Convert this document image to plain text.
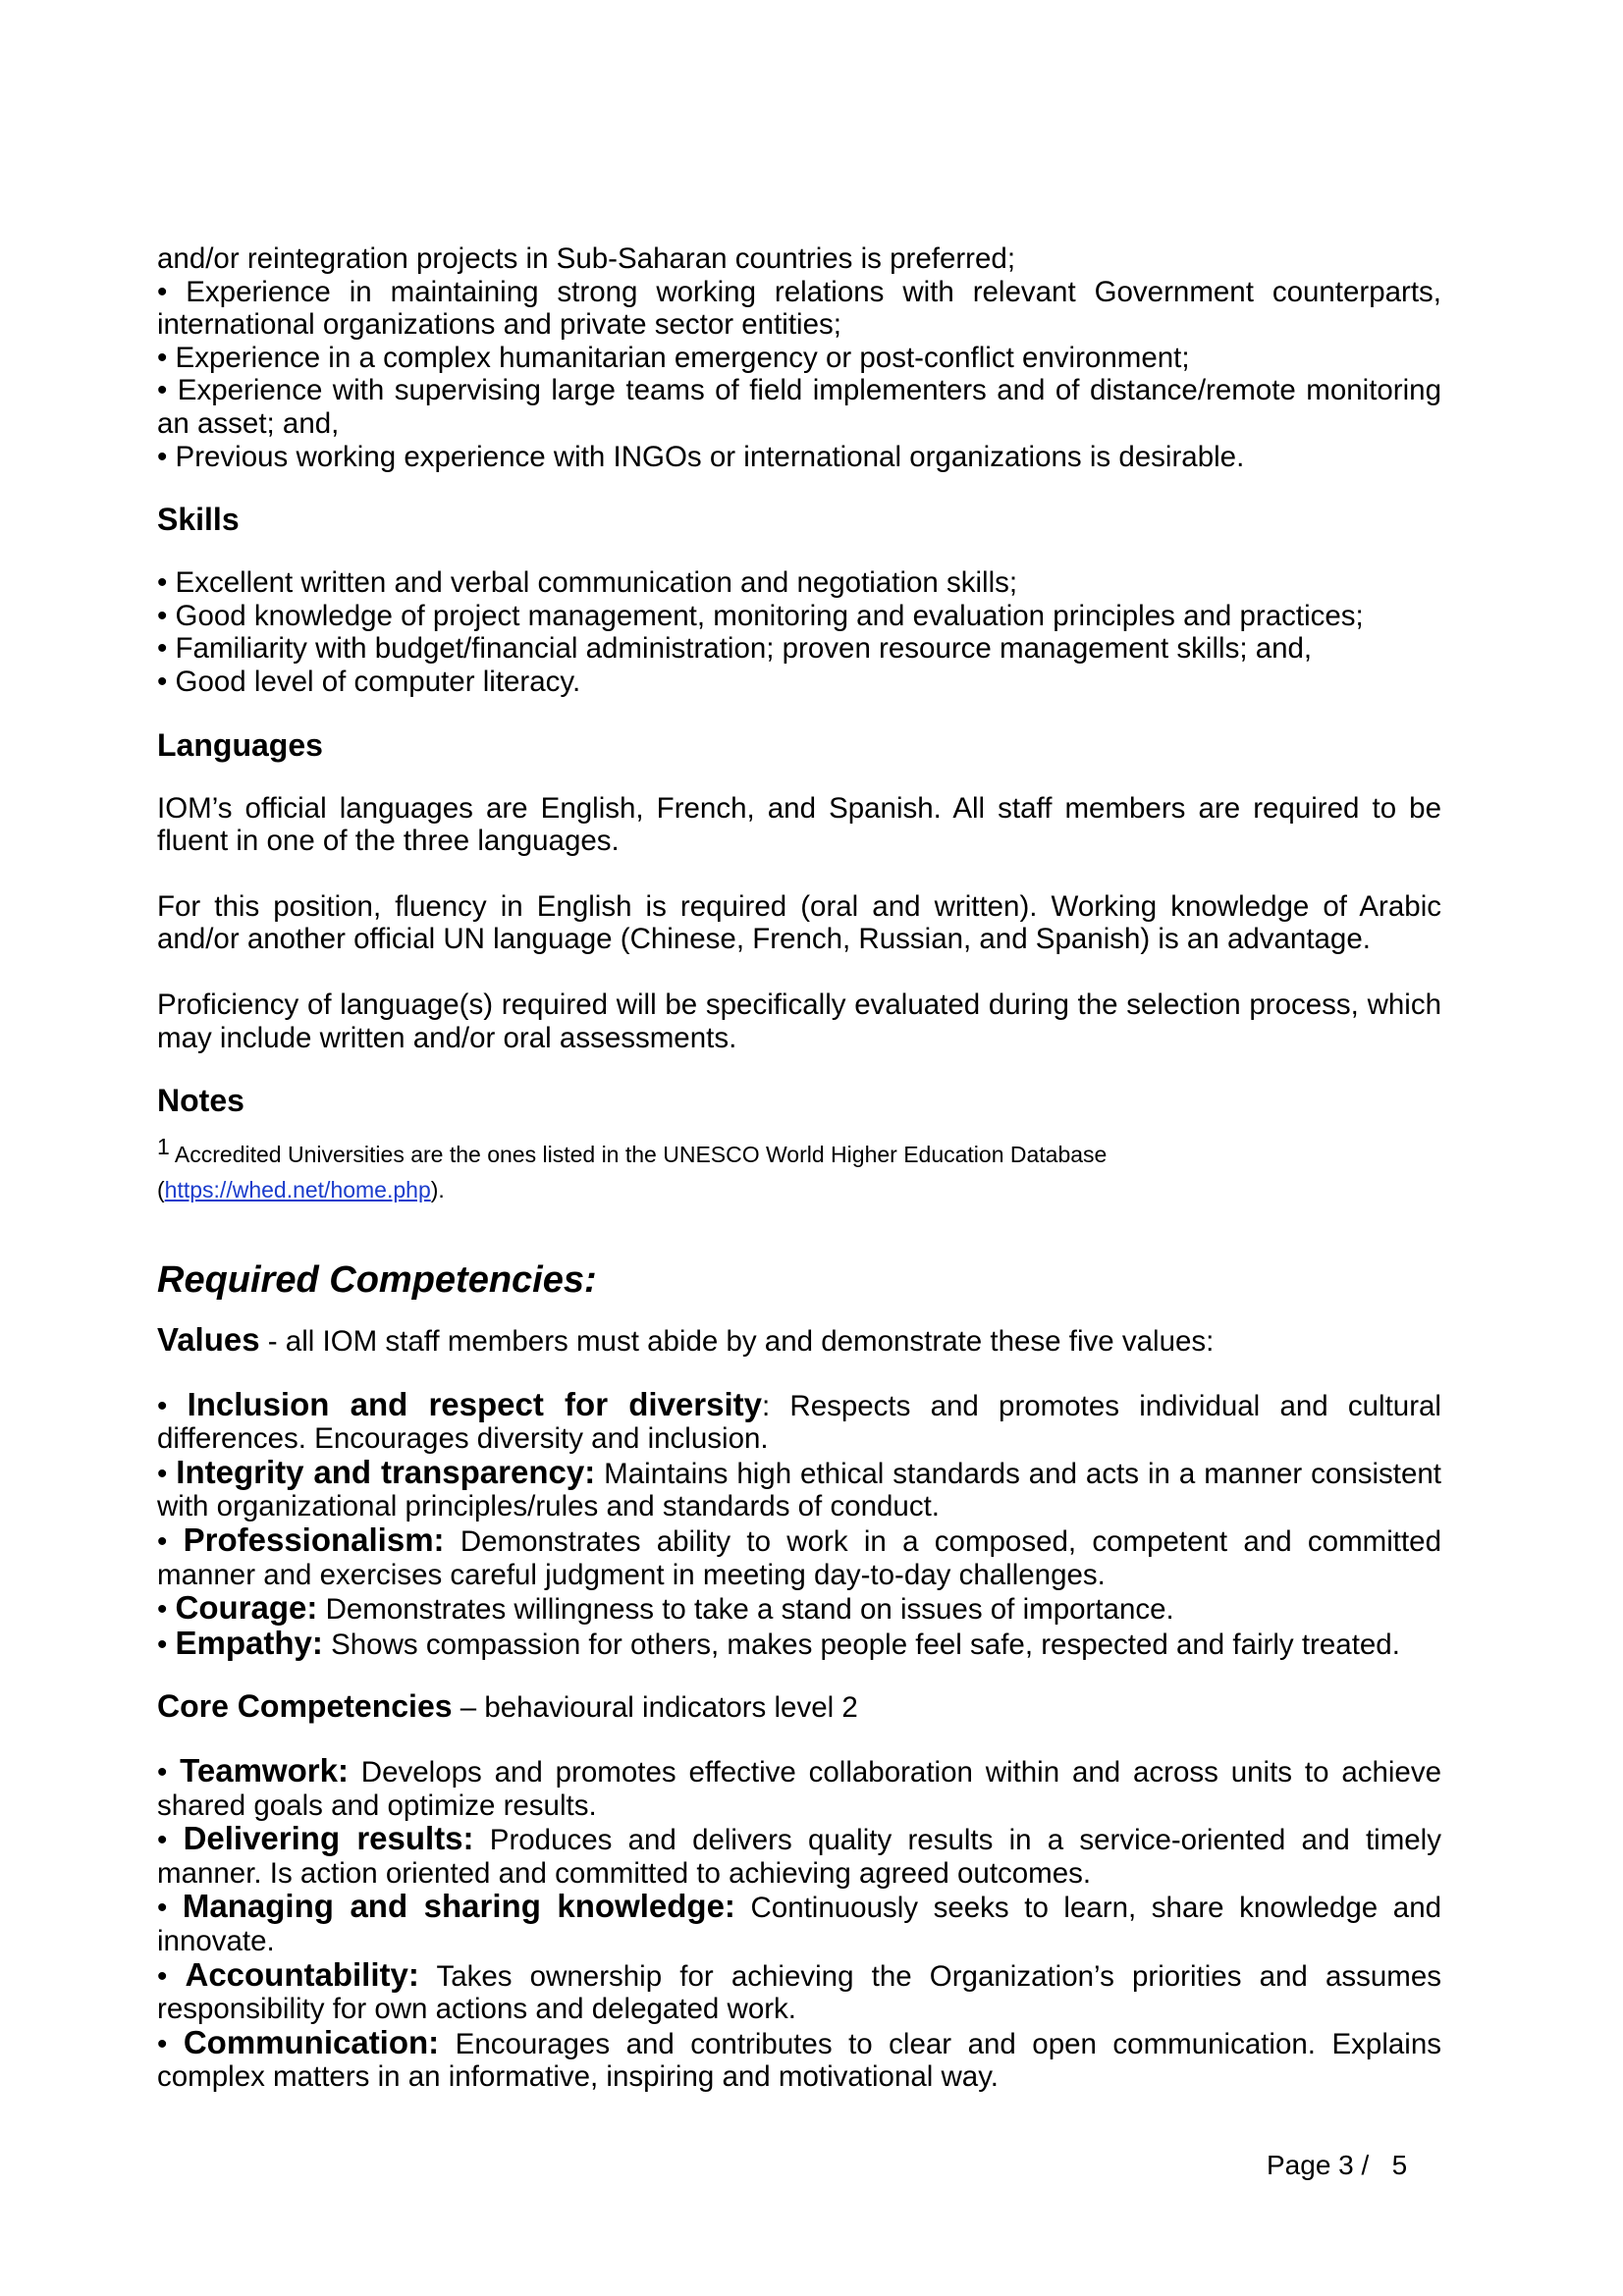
and/or reintegration projects in Sub-Saharan countries is preferred;

• Experience in maintaining strong working relations with relevant Government counterparts, international organizations and private sector entities;

• Experience in a complex humanitarian emergency or post-conflict environment;

• Experience with supervising large teams of field implementers and of distance/remote monitoring an asset; and,

• Previous working experience with INGOs or international organizations is desirable.

Skills

• Excellent written and verbal communication and negotiation skills;

• Good knowledge of project management, monitoring and evaluation principles and practices;

• Familiarity with budget/financial administration; proven resource management skills; and,

• Good level of computer literacy.

Languages

IOM’s official languages are English, French, and Spanish. All staff members are required to be fluent in one of the three languages.

For this position, fluency in English is required (oral and written). Working knowledge of Arabic and/or another official UN language (Chinese, French, Russian, and Spanish) is an advantage.

Proficiency of language(s) required will be specifically evaluated during the selection process, which may include written and/or oral assessments.

Notes

$^1$ Accredited Universities are the ones listed in the UNESCO World Higher Education Database
(https://whed.net/home.php).

Required Competencies:

Values - all IOM staff members must abide by and demonstrate these five values:

• Inclusion and respect for diversity: Respects and promotes individual and cultural differences. Encourages diversity and inclusion.

• Integrity and transparency: Maintains high ethical standards and acts in a manner consistent with organizational principles/rules and standards of conduct.

• Professionalism: Demonstrates ability to work in a composed, competent and committed manner and exercises careful judgment in meeting day-to-day challenges.

• Courage: Demonstrates willingness to take a stand on issues of importance.

• Empathy: Shows compassion for others, makes people feel safe, respected and fairly treated.

Core Competencies – behavioural indicators level 2

• Teamwork: Develops and promotes effective collaboration within and across units to achieve shared goals and optimize results.

• Delivering results: Produces and delivers quality results in a service-oriented and timely manner. Is action oriented and committed to achieving agreed outcomes.

• Managing and sharing knowledge: Continuously seeks to learn, share knowledge and innovate.

• Accountability: Takes ownership for achieving the Organization’s priorities and assumes responsibility for own actions and delegated work.

• Communication: Encourages and contributes to clear and open communication. Explains complex matters in an informative, inspiring and motivational way.

Page 3 /   5
